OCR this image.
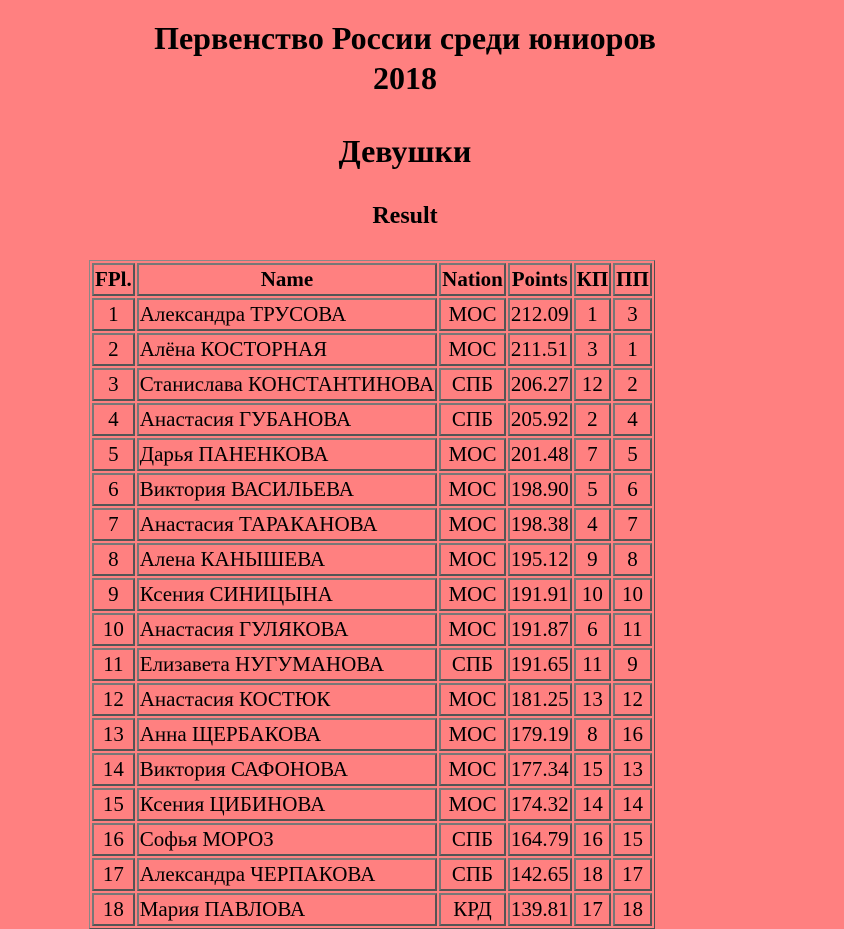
Первенство России среди юниоров
2018
Девушки
Result
FPl.	Name	Nation	Points	КП	ПП
1	Александра ТРУСОВА	МОС	212.09	1	3
2	Алёна КОСТОРНАЯ	МОС	211.51	3	1
3	Станислава КОНСТАНТИНОВА	СПБ	206.27	12	2
4	Анастасия ГУБАНОВА	СПБ	205.92	2	4
5	Дарья ПАНЕНКОВА	МОС	201.48	7	5
6	Виктория ВАСИЛЬЕВА	МОС	198.90	5	6
7	Анастасия ТАРАКАНОВА	МОС	198.38	4	7
8	Алена КАНЫШЕВА	МОС	195.12	9	8
9	Ксения СИНИЦЫНА	МОС	191.91	10	10
10	Анастасия ГУЛЯКОВА	МОС	191.87	6	11
11	Елизавета НУГУМАНОВА	СПБ	191.65	11	9
12	Анастасия КОСТЮК	МОС	181.25	13	12
13	Анна ЩЕРБАКОВА	МОС	179.19	8	16
14	Виктория САФОНОВА	МОС	177.34	15	13
15	Ксения ЦИБИНОВА	МОС	174.32	14	14
16	Софья МОРОЗ	СПБ	164.79	16	15
17	Александра ЧЕРПАКОВА	СПБ	142.65	18	17
18	Мария ПАВЛОВА	КРД	139.81	17	18
